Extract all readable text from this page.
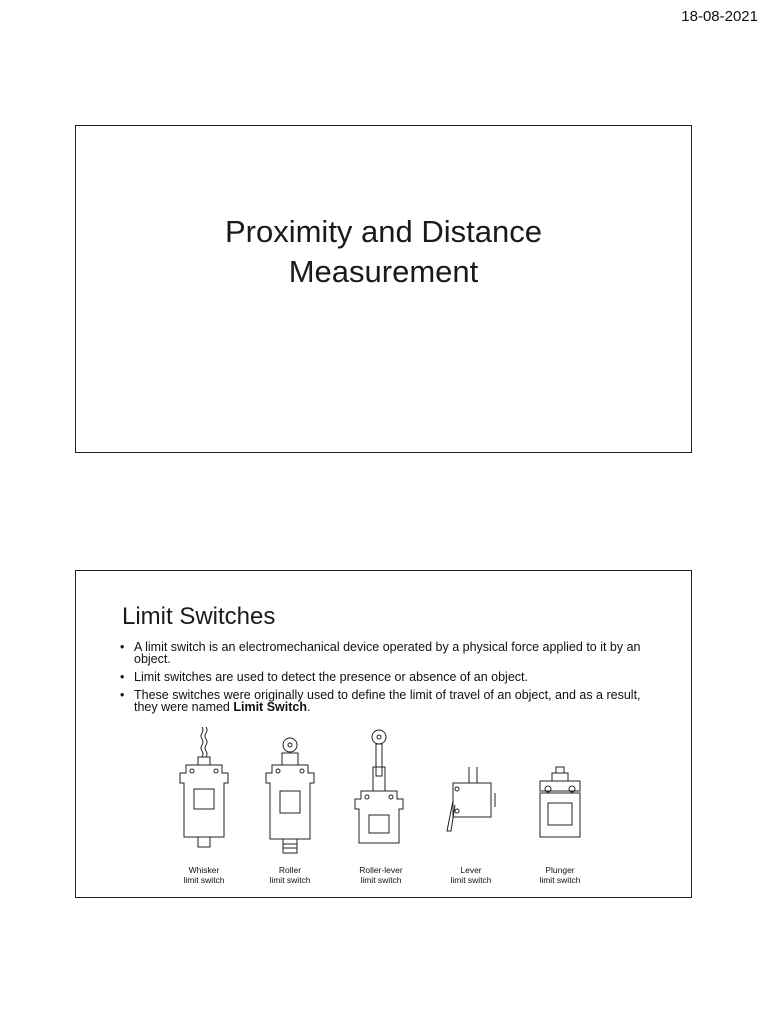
18-08-2021
Proximity and Distance
Measurement
Limit Switches
• A limit switch is an electromechanical device operated by a physical force applied to it by an object.
• Limit switches are used to detect the presence or absence of an object.
• These switches were originally used to define the limit of travel of an object, and as a result, they were named Limit Switch.
Whisker
limit switch
Roller
limit switch
Roller-lever
limit switch
Lever
limit switch
Plunger
limit switch
